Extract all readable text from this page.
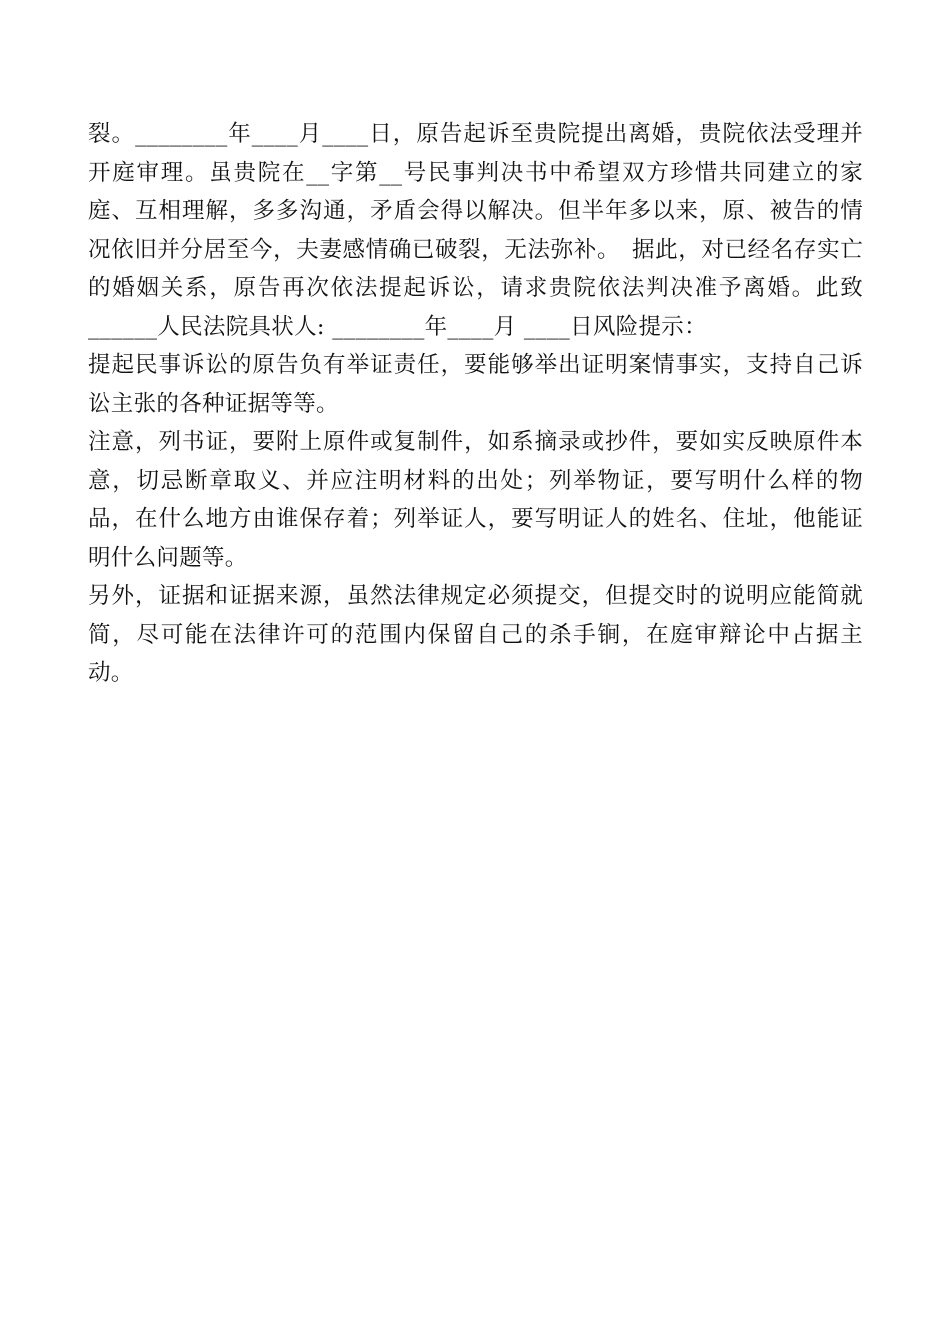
裂。________年____月____日，原告起诉至贵院提出离婚，贵院依法受理并开庭审理。虽贵院在__字第__号民事判决书中希望双方珍惜共同建立的家庭、互相理解，多多沟通，矛盾会得以解决。但半年多以来，原、被告的情况依旧并分居至今，夫妻感情确已破裂，无法弥补。　据此，对已经名存实亡的婚姻关系，原告再次依法提起诉讼，请求贵院依法判决准予离婚。此致______人民法院具状人: ________年____月 ____日风险提示：

提起民事诉讼的原告负有举证责任，要能够举出证明案情事实，支持自己诉讼主张的各种证据等等。

注意，列书证，要附上原件或复制件，如系摘录或抄件，要如实反映原件本意，切忌断章取义、并应注明材料的出处；列举物证，要写明什么样的物品，在什么地方由谁保存着；列举证人，要写明证人的姓名、住址，他能证明什么问题等。

另外，证据和证据来源，虽然法律规定必须提交，但提交时的说明应能简就简，尽可能在法律许可的范围内保留自己的杀手锏，在庭审辩论中占据主动。
